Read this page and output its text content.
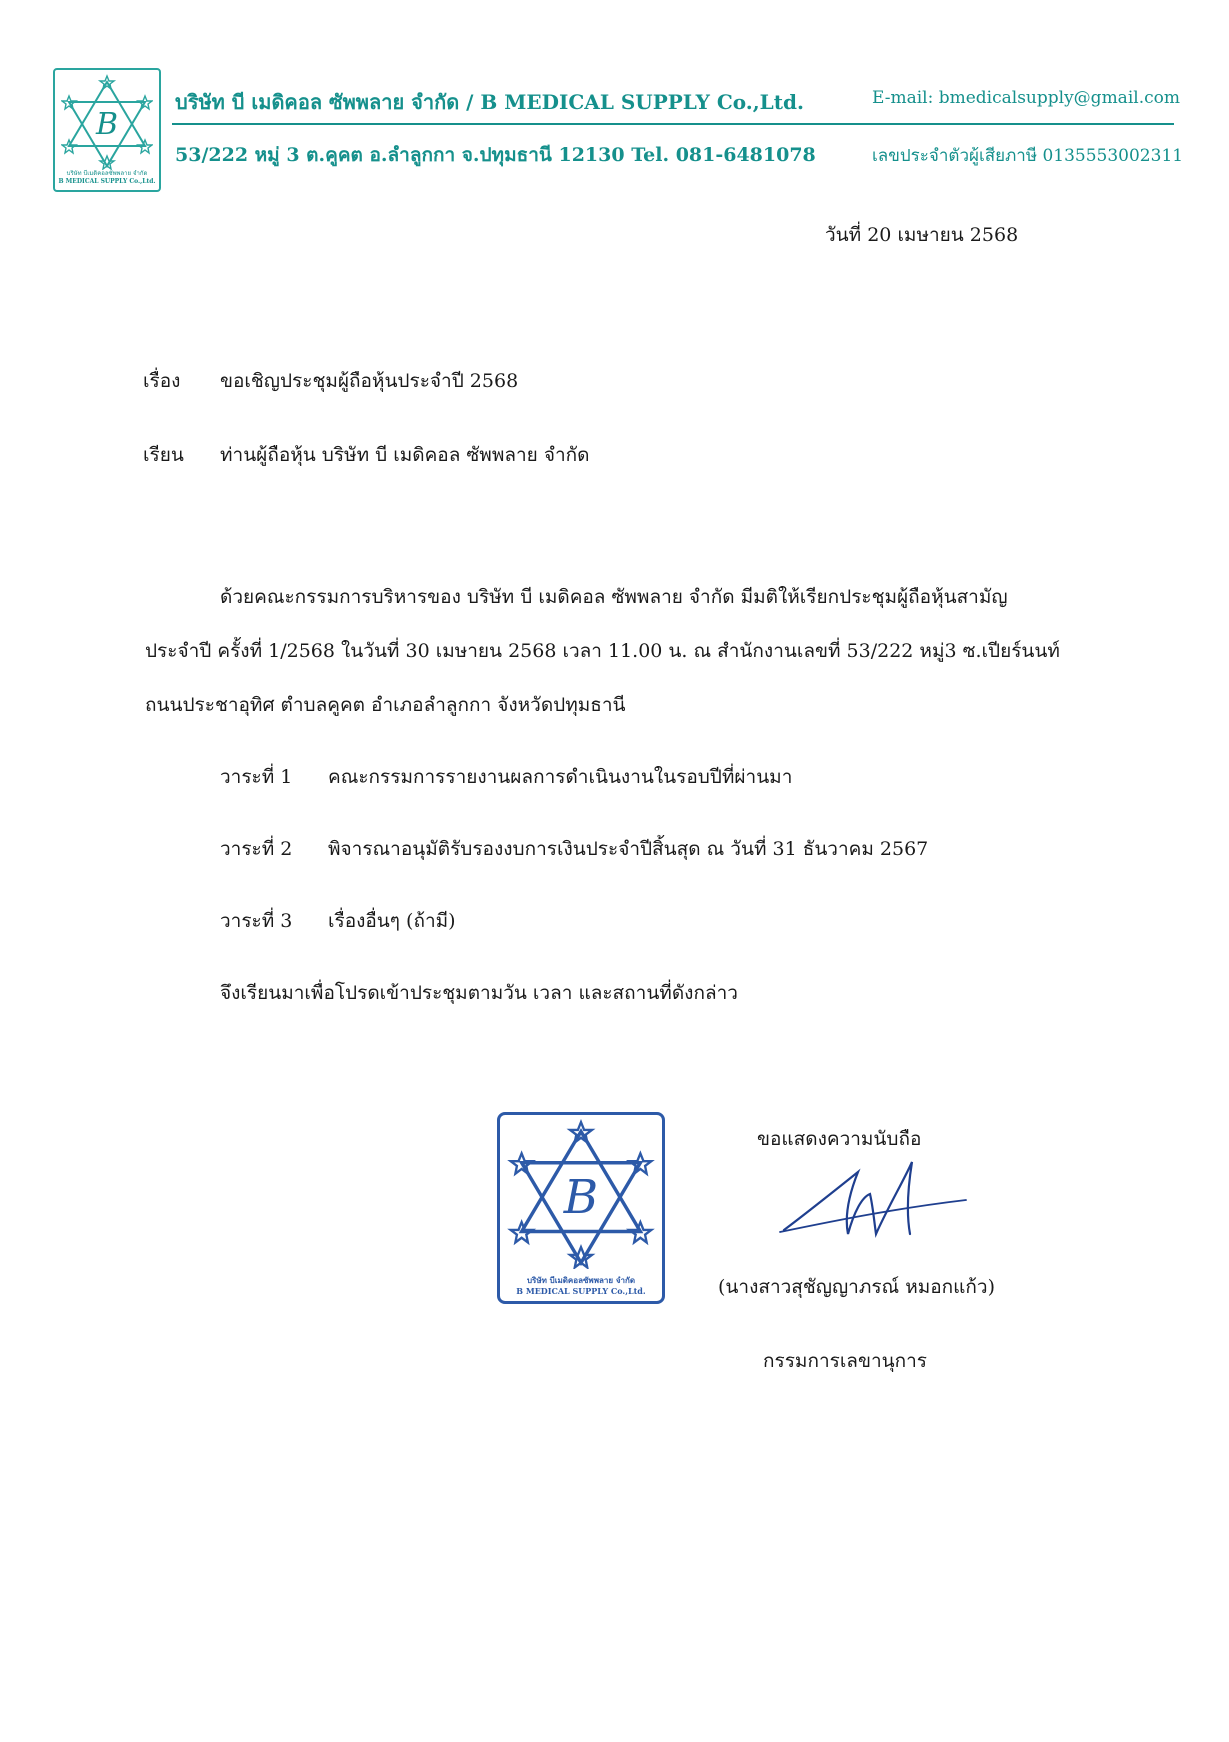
B
บริษัท บีเมดิคอลซัพพลาย จำกัด
B MEDICAL SUPPLY Co.,Ltd.
บริษัท บี เมดิคอล ซัพพลาย จำกัด / B MEDICAL SUPPLY Co.,Ltd.	E-mail: bmedicalsupply@gmail.com
53/222 หมู่ 3 ต.คูคต อ.ลำลูกกา จ.ปทุมธานี 12130 Tel. 081-6481078	เลขประจำตัวผู้เสียภาษี 0135553002311
วันที่ 20 เมษายน 2568
เรื่อง ขอเชิญประชุมผู้ถือหุ้นประจำปี 2568
เรียน ท่านผู้ถือหุ้น บริษัท บี เมดิคอล ซัพพลาย จำกัด
ด้วยคณะกรรมการบริหารของ บริษัท บี เมดิคอล ซัพพลาย จำกัด มีมติให้เรียกประชุมผู้ถือหุ้นสามัญ
ประจำปี ครั้งที่ 1/2568 ในวันที่ 30 เมษายน 2568 เวลา 11.00 น. ณ สำนักงานเลขที่ 53/222 หมู่3 ซ.เปียร์นนท์
ถนนประชาอุทิศ ตำบลคูคต อำเภอลำลูกกา จังหวัดปทุมธานี
วาระที่ 1 คณะกรรมการรายงานผลการดำเนินงานในรอบปีที่ผ่านมา
วาระที่ 2 พิจารณาอนุมัติรับรองงบการเงินประจำปีสิ้นสุด ณ วันที่ 31 ธันวาคม 2567
วาระที่ 3 เรื่องอื่นๆ (ถ้ามี)
จึงเรียนมาเพื่อโปรดเข้าประชุมตามวัน เวลา และสถานที่ดังกล่าว
B
บริษัท บีเมดิคอลซัพพลาย จำกัด
B MEDICAL SUPPLY Co.,Ltd.
ขอแสดงความนับถือ
(นางสาวสุชัญญาภรณ์ หมอกแก้ว)
กรรมการเลขานุการ
